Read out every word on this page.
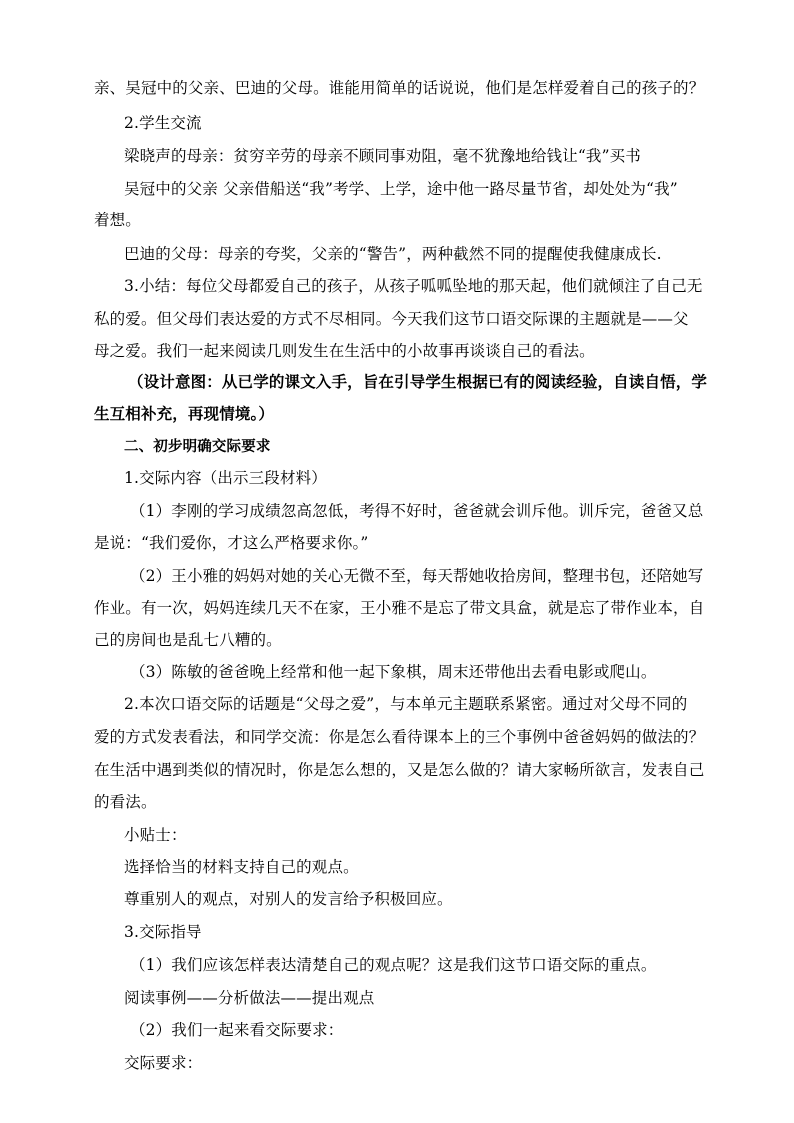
亲、吴冠中的父亲、巴迪的父母。谁能用简单的话说说，他们是怎样爱着自己的孩子的？
2.学生交流
梁晓声的母亲：贫穷辛劳的母亲不顾同事劝阻，毫不犹豫地给钱让“我”买书
吴冠中的父亲 父亲借船送“我”考学、上学，途中他一路尽量节省，却处处为“我”
着想。
巴迪的父母：母亲的夸奖，父亲的“警告”，两种截然不同的提醒使我健康成长.
3.小结：每位父母都爱自己的孩子，从孩子呱呱坠地的那天起，他们就倾注了自己无
私的爱。但父母们表达爱的方式不尽相同。今天我们这节口语交际课的主题就是——父
母之爱。我们一起来阅读几则发生在生活中的小故事再谈谈自己的看法。
（设计意图：从已学的课文入手，旨在引导学生根据已有的阅读经验，自读自悟，学
生互相补充，再现情境。）
二、初步明确交际要求
1.交际内容（出示三段材料）
（1）李刚的学习成绩忽高忽低，考得不好时，爸爸就会训斥他。训斥完，爸爸又总
是说：“我们爱你，才这么严格要求你。”
（2）王小雅的妈妈对她的关心无微不至，每天帮她收拾房间，整理书包，还陪她写
作业。有一次，妈妈连续几天不在家，王小雅不是忘了带文具盒，就是忘了带作业本，自
己的房间也是乱七八糟的。
（3）陈敏的爸爸晚上经常和他一起下象棋，周末还带他出去看电影或爬山。
2.本次口语交际的话题是“父母之爱”，与本单元主题联系紧密。通过对父母不同的
爱的方式发表看法，和同学交流：你是怎么看待课本上的三个事例中爸爸妈妈的做法的？
在生活中遇到类似的情况时，你是怎么想的，又是怎么做的？请大家畅所欲言，发表自己
的看法。
小贴士：
选择恰当的材料支持自己的观点。
尊重别人的观点，对别人的发言给予积极回应。
3.交际指导
（1）我们应该怎样表达清楚自己的观点呢？这是我们这节口语交际的重点。
阅读事例——分析做法——提出观点
（2）我们一起来看交际要求：
交际要求：
